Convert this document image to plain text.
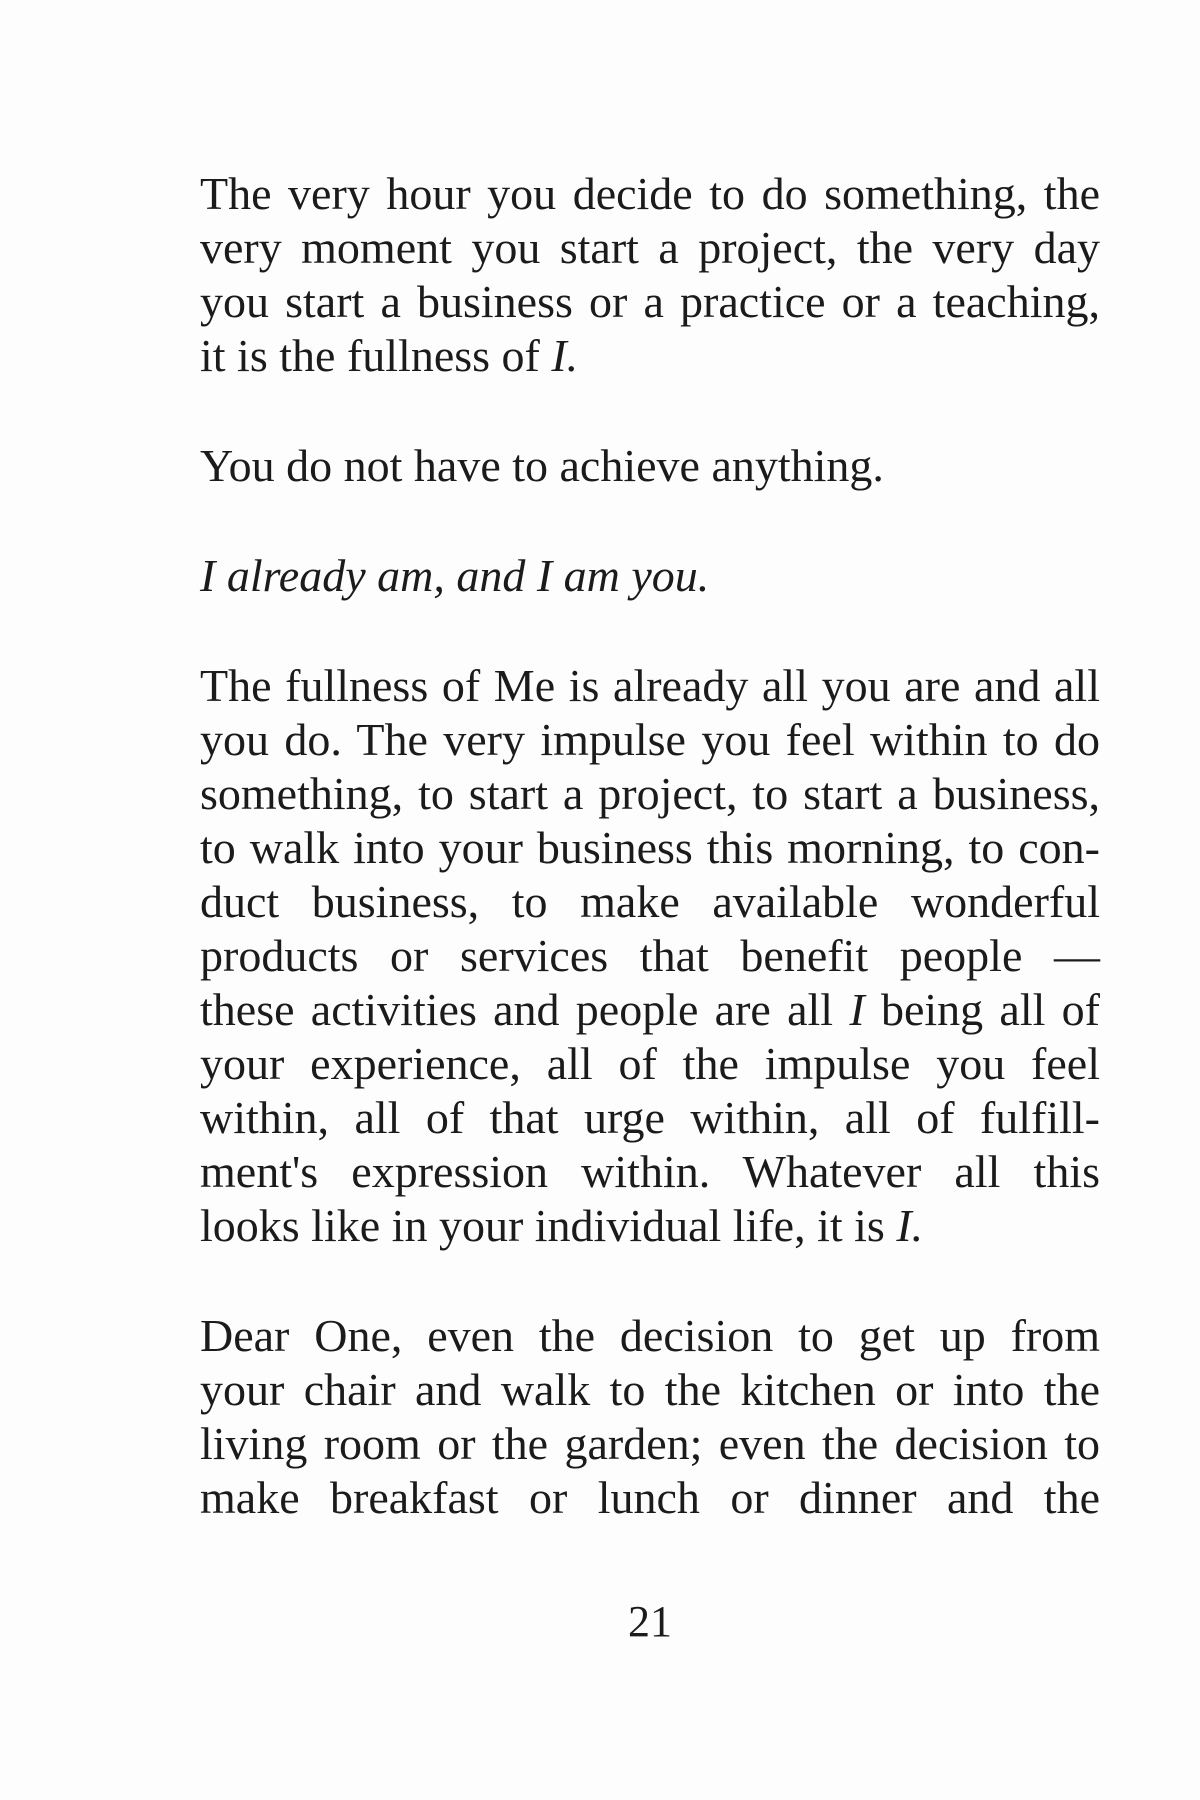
The very hour you decide to do something, the
very moment you start a project, the very day
you start a business or a practice or a teaching,
it is the fullness of I.
You do not have to achieve anything.
I already am, and I am you.
The fullness of Me is already all you are and all
you do. The very impulse you feel within to do
something, to start a project, to start a business,
to walk into your business this morning, to con-
duct business, to make available wonderful
products or services that benefit people —
these activities and people are all I being all of
your experience, all of the impulse you feel
within, all of that urge within, all of fulfill-
ment's expression within. Whatever all this
looks like in your individual life, it is I.
Dear One, even the decision to get up from
your chair and walk to the kitchen or into the
living room or the garden; even the decision to
make breakfast or lunch or dinner and the
21
